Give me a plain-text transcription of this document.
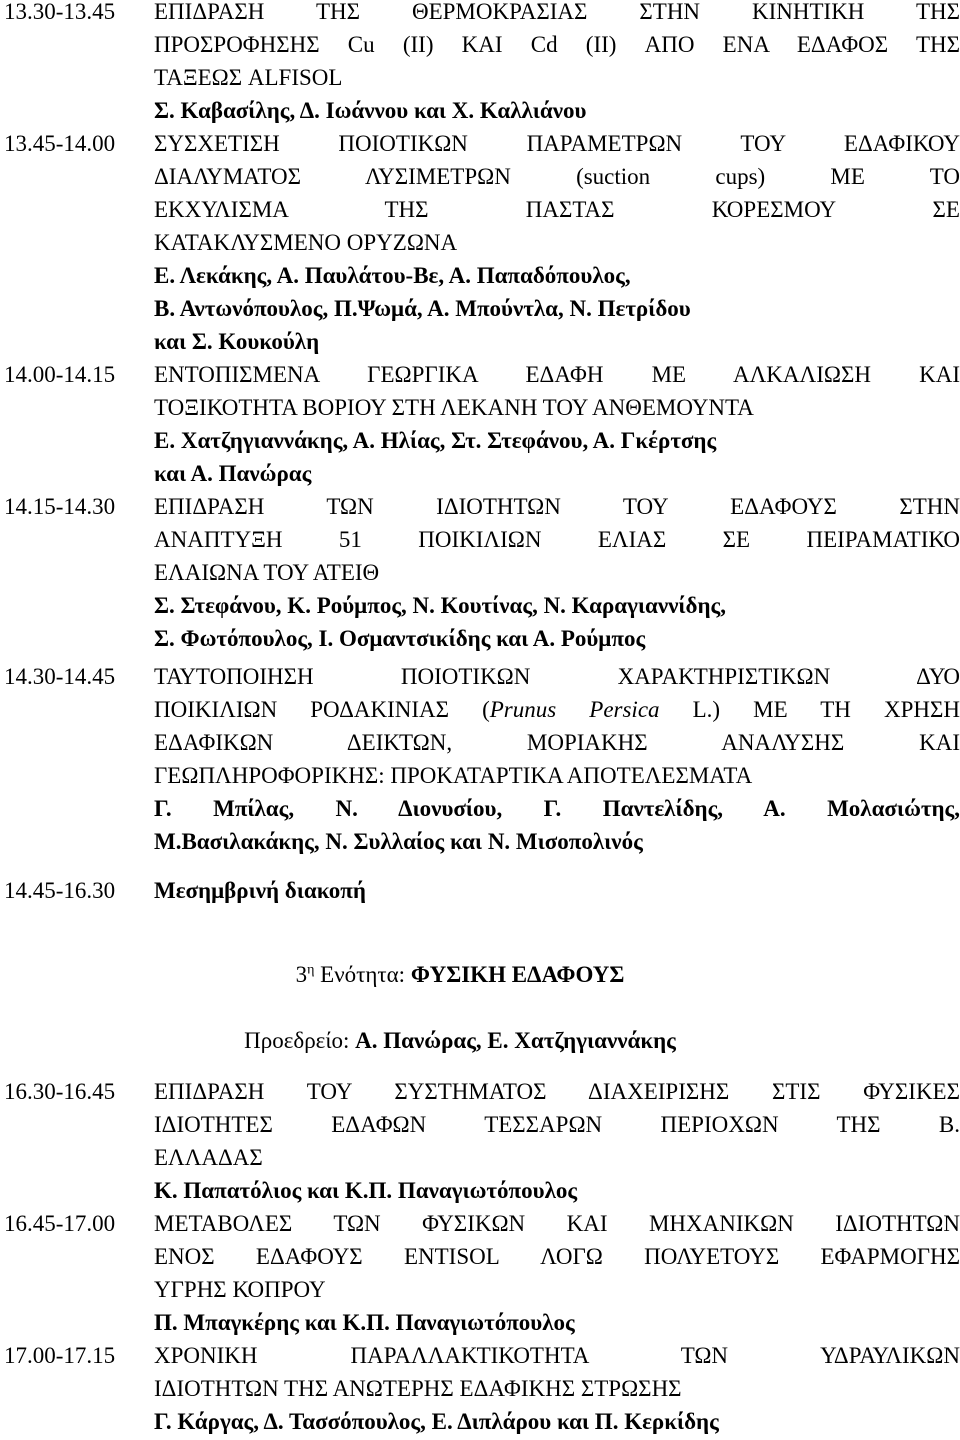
13.30-13.45	ΕΠΙΔΡΑΣΗ ΤΗΣ ΘΕΡΜΟΚΡΑΣΙΑΣ ΣΤΗΝ ΚΙΝΗΤΙΚΗ ΤΗΣ
ΠΡΟΣΡΟΦΗΣΗΣ Cu (II) ΚΑΙ Cd (II) ΑΠΟ ΕΝΑ ΕΔΑΦΟΣ ΤΗΣ
ΤΑΞΕΩΣ ALFISOL
Σ. Καβασίλης, Δ. Ιωάννου και Χ. Καλλιάνου
13.45-14.00	ΣΥΣΧΕΤΙΣΗ ΠΟΙΟΤΙΚΩΝ ΠΑΡΑΜΕΤΡΩΝ ΤΟΥ ΕΔΑΦΙΚΟΥ
ΔΙΑΛΥΜΑΤΟΣ ΛΥΣΙΜΕΤΡΩΝ (suction cups) ΜΕ ΤΟ
ΕΚΧΥΛΙΣΜΑ ΤΗΣ ΠΑΣΤΑΣ ΚΟΡΕΣΜΟΥ ΣΕ
ΚΑΤΑΚΛΥΣΜΕΝΟ ΟΡΥΖΩΝΑ
Ε. Λεκάκης, Α. Παυλάτου-Βε, Α. Παπαδόπουλος,
Β. Αντωνόπουλος, Π.Ψωμά, Α. Μπούντλα, Ν. Πετρίδου
και Σ. Κουκούλη
14.00-14.15	ΕΝΤΟΠΙΣΜΕΝΑ ΓΕΩΡΓΙΚΑ ΕΔΑΦΗ ΜΕ ΑΛΚΑΛΙΩΣΗ ΚΑΙ
ΤΟΞΙΚΟΤΗΤΑ ΒΟΡΙΟΥ ΣΤΗ ΛΕΚΑΝΗ ΤΟΥ ΑΝΘΕΜΟΥΝΤΑ
Ε. Χατζηγιαννάκης, Α. Ηλίας, Στ. Στεφάνου, Α. Γκέρτσης
και Α. Πανώρας
14.15-14.30	ΕΠΙΔΡΑΣΗ ΤΩΝ ΙΔΙΟΤΗΤΩΝ ΤΟΥ ΕΔΑΦΟΥΣ ΣΤΗΝ
ΑΝΑΠΤΥΞΗ 51 ΠΟΙΚΙΛΙΩΝ ΕΛΙΑΣ ΣΕ ΠΕΙΡΑΜΑΤΙΚΟ
ΕΛΑΙΩΝΑ ΤΟΥ ΑΤΕΙΘ
Σ. Στεφάνου, Κ. Ρούμπος, Ν. Κουτίνας, Ν. Καραγιαννίδης,
Σ. Φωτόπουλος, Ι. Οσμαντσικίδης και Α. Ρούμπος
14.30-14.45	ΤΑΥΤΟΠΟΙΗΣΗ ΠΟΙΟΤΙΚΩΝ ΧΑΡΑΚΤΗΡΙΣΤΙΚΩΝ ΔΥΟ
ΠΟΙΚΙΛΙΩΝ ΡΟΔΑΚΙΝΙΑΣ (Prunus Persica L.) ΜΕ ΤΗ ΧΡΗΣΗ
ΕΔΑΦΙΚΩΝ ΔΕΙΚΤΩΝ, ΜΟΡΙΑΚΗΣ ΑΝΑΛΥΣΗΣ ΚΑΙ
ΓΕΩΠΛΗΡΟΦΟΡΙΚΗΣ: ΠΡΟΚΑΤΑΡΤΙΚΑ ΑΠΟΤΕΛΕΣΜΑΤΑ
Γ. Μπίλας, Ν. Διονυσίου, Γ. Παντελίδης, Α. Μολασιώτης,
Μ.Βασιλακάκης, Ν. Συλλαίος και Ν. Μισοπολινός
14.45-16.30	Μεσημβρινή διακοπή
$3^\eta$ Ενότητα: ΦΥΣΙΚΗ ΕΔΑΦΟΥΣ
Προεδρείο: Α. Πανώρας, Ε. Χατζηγιαννάκης
16.30-16.45	ΕΠΙΔΡΑΣΗ ΤΟΥ ΣΥΣΤΗΜΑΤΟΣ ΔΙΑΧΕΙΡΙΣΗΣ ΣΤΙΣ ΦΥΣΙΚΕΣ
ΙΔΙΟΤΗΤΕΣ ΕΔΑΦΩΝ ΤΕΣΣΑΡΩΝ ΠΕΡΙΟΧΩΝ ΤΗΣ Β.
ΕΛΛΑΔΑΣ
Κ. Παπατόλιος και Κ.Π. Παναγιωτόπουλος
16.45-17.00	ΜΕΤΑΒΟΛΕΣ ΤΩΝ ΦΥΣΙΚΩΝ ΚΑΙ ΜΗΧΑΝΙΚΩΝ ΙΔΙΟΤΗΤΩΝ
ΕΝΟΣ ΕΔΑΦΟΥΣ ENTISOL ΛΟΓΩ ΠΟΛΥΕΤΟΥΣ ΕΦΑΡΜΟΓΗΣ
ΥΓΡΗΣ ΚΟΠΡΟΥ
Π. Μπαγκέρης και Κ.Π. Παναγιωτόπουλος
17.00-17.15	ΧΡΟΝΙΚΗ ΠΑΡΑΛΛΑΚΤΙΚΟΤΗΤΑ ΤΩΝ ΥΔΡΑΥΛΙΚΩΝ
ΙΔΙΟΤΗΤΩΝ ΤΗΣ ΑΝΩΤΕΡΗΣ ΕΔΑΦΙΚΗΣ ΣΤΡΩΣΗΣ
Γ. Κάργας, Δ. Τασσόπουλος, Ε. Διπλάρου και Π. Κερκίδης
